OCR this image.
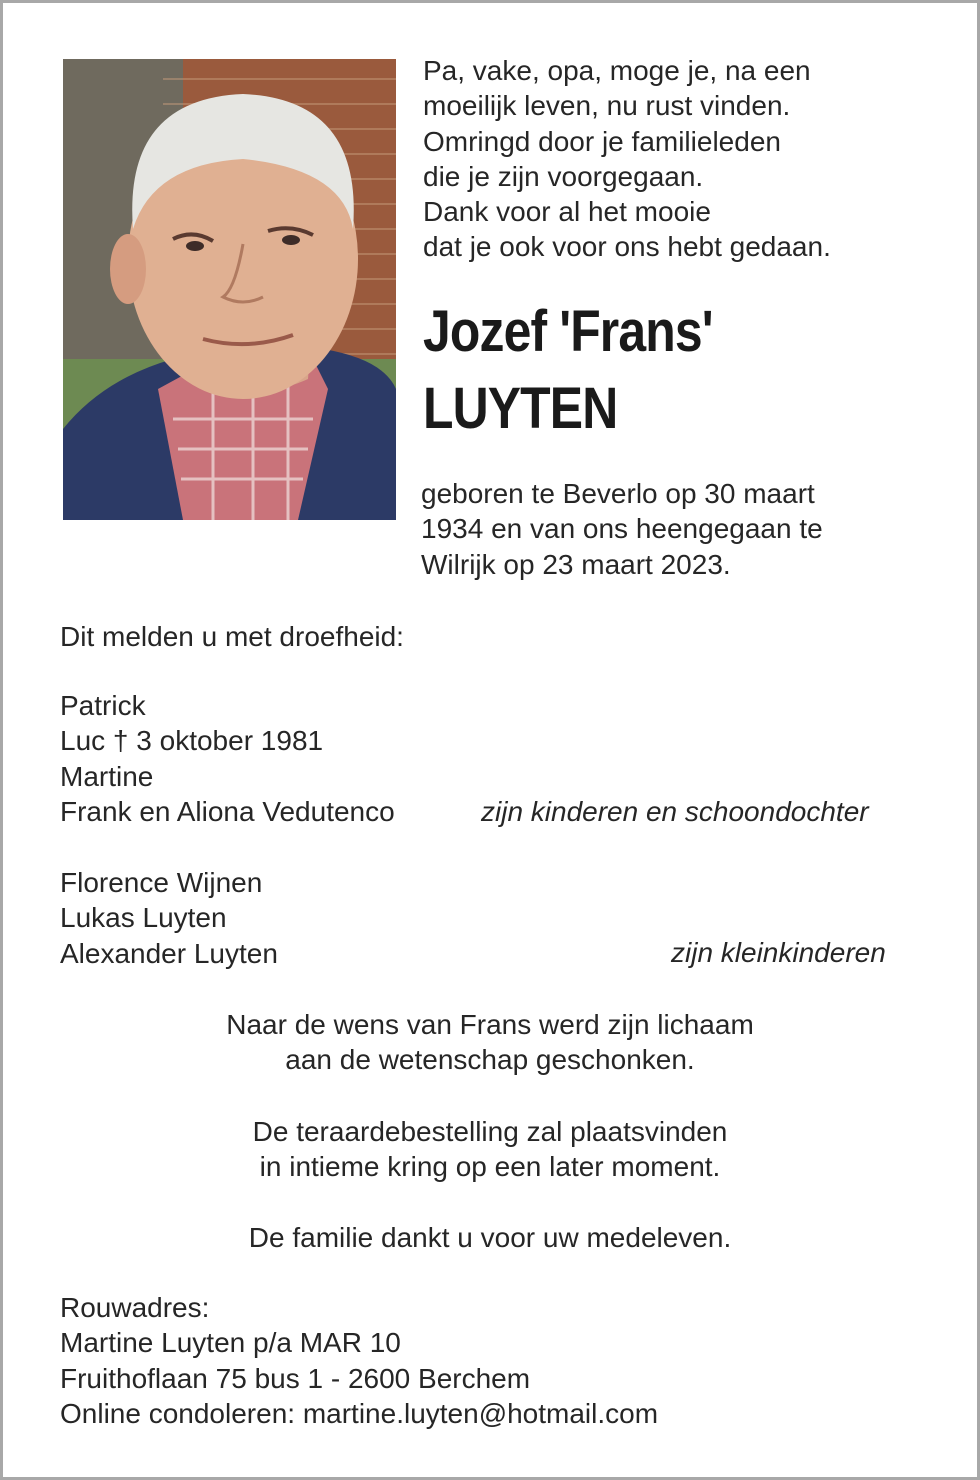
Pa, vake, opa, moge je, na een
moeilijk leven, nu rust vinden.
Omringd door je familieleden
die je zijn voorgegaan.
Dank voor al het mooie
dat je ook voor ons hebt gedaan.
Jozef 'Frans'
LUYTEN
geboren te Beverlo op 30 maart
1934 en van ons heengegaan te
Wilrijk op 23 maart 2023.
Dit melden u met droefheid:
Patrick
Luc † 3 oktober 1981
Martine
Frank en Aliona Vedutenco	zijn kinderen en schoondochter
Florence Wijnen
Lukas Luyten
Alexander Luyten	zijn kleinkinderen
Naar de wens van Frans werd zijn lichaam
aan de wetenschap geschonken.
De teraardebestelling zal plaatsvinden
in intieme kring op een later moment.
De familie dankt u voor uw medeleven.
Rouwadres:
Martine Luyten p/a MAR 10
Fruithoflaan 75 bus 1 - 2600 Berchem
Online condoleren: martine.luyten@hotmail.com
